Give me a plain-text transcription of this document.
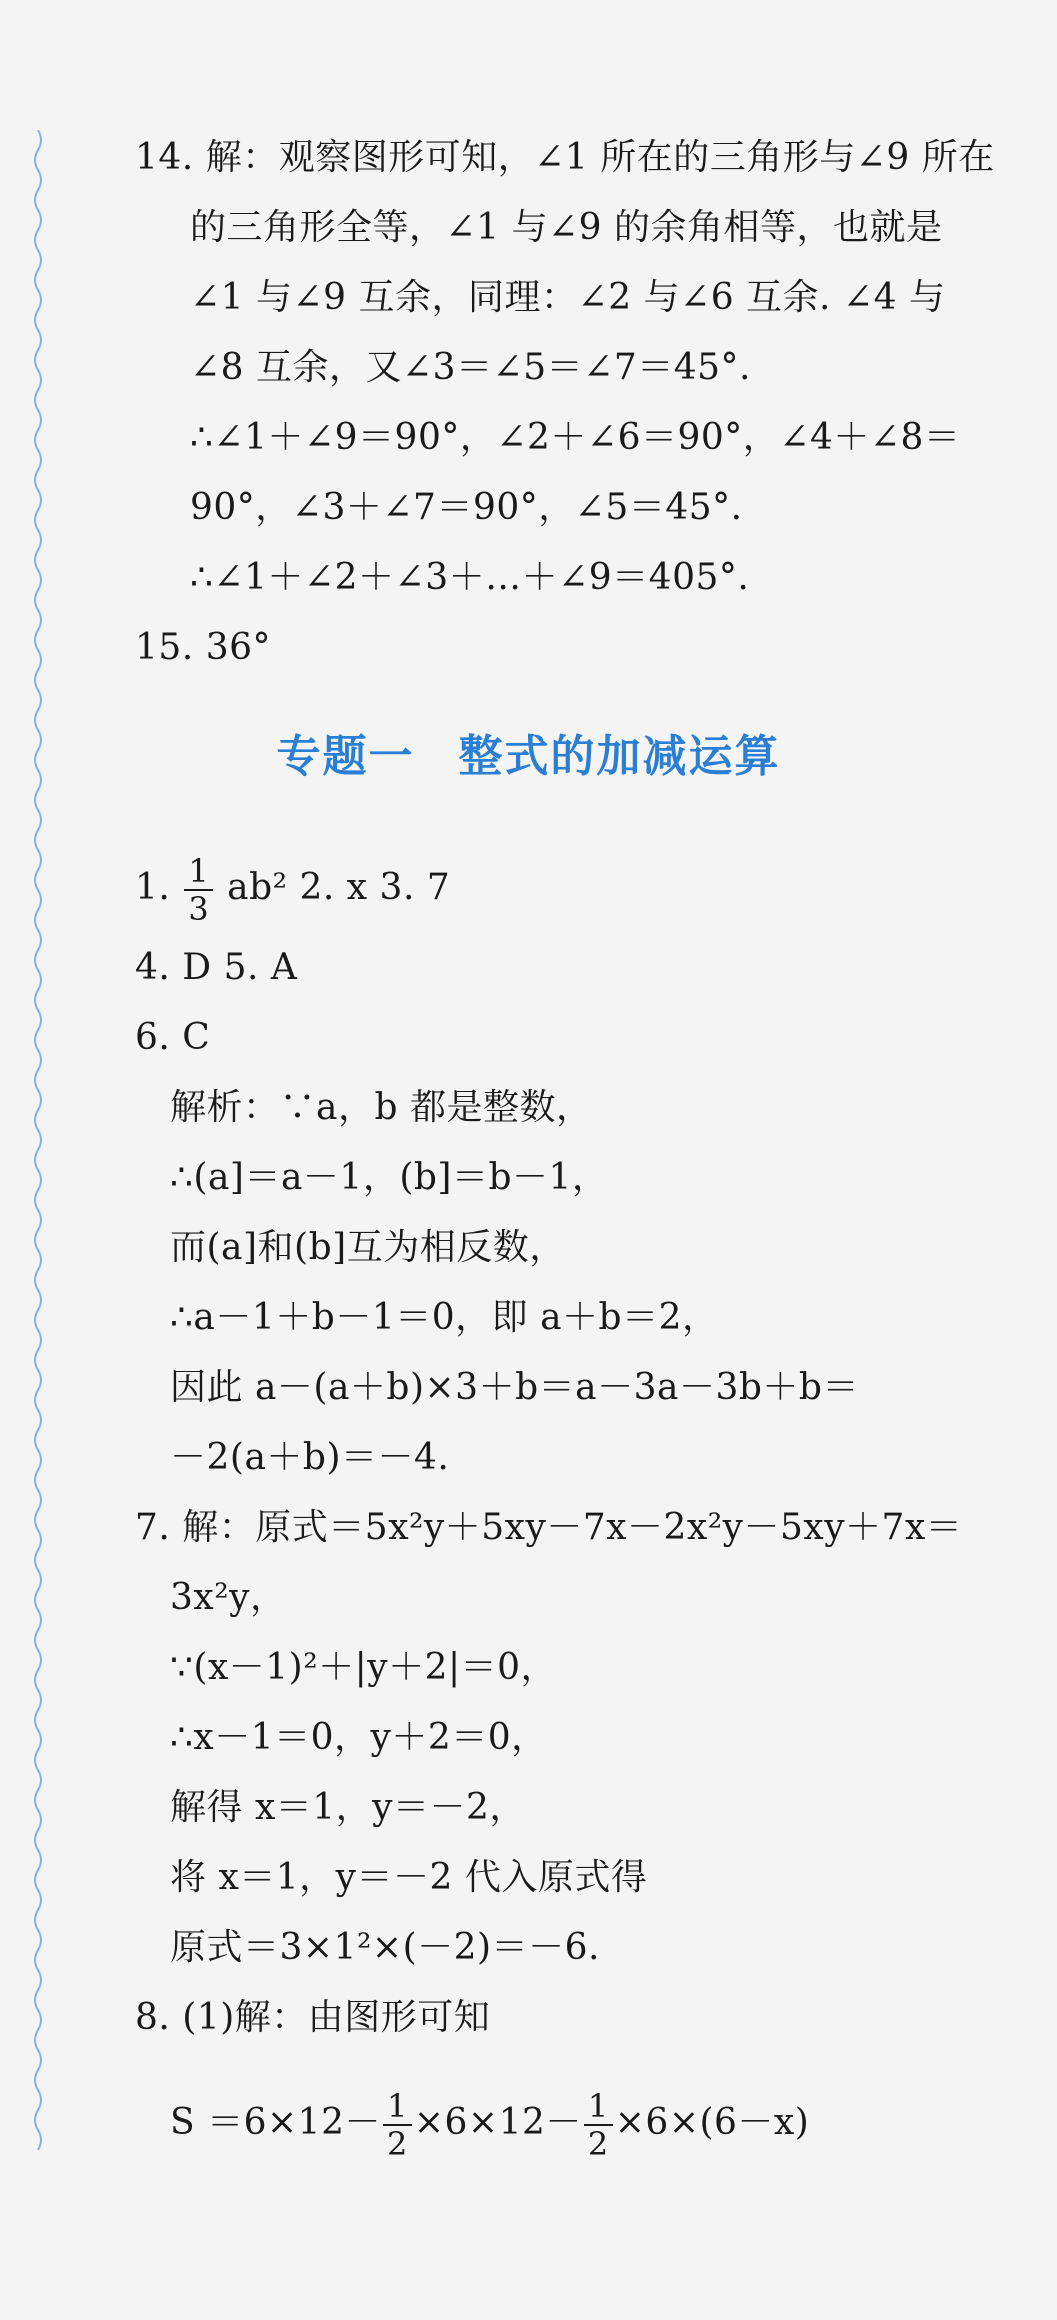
14. 解：观察图形可知，∠1 所在的三角形与∠9 所在
的三角形全等，∠1 与∠9 的余角相等，也就是
∠1 与∠9 互余，同理：∠2 与∠6 互余. ∠4 与
∠8 互余，又∠3＝∠5＝∠7＝45°.
∴∠1＋∠9＝90°，∠2＋∠6＝90°，∠4＋∠8＝
90°，∠3＋∠7＝90°，∠5＝45°.
∴∠1＋∠2＋∠3＋…＋∠9＝405°.
15. 36°
专题一 整式的加减运算
1. $\frac{1}{3} ab^2$ 2. x 3. 7
4. D 5. A
6. C
解析：∵a，b 都是整数，
∴(a]＝a－1，(b]＝b－1，
而(a]和(b]互为相反数，
∴a－1＋b－1＝0，即 a＋b＝2，
因此 a－(a＋b)×3＋b＝a－3a－3b＋b＝
－2(a＋b)＝－4.
7. 解：原式＝5x²y＋5xy－7x－2x²y－5xy＋7x＝
3x²y，
∵(x－1)²＋|y＋2|＝0，
∴x－1＝0，y＋2＝0，
解得 x＝1，y＝－2，
将 x＝1，y＝－2 代入原式得
原式＝3×1²×(－2)＝－6.
8. (1)解：由图形可知
$S =6\times 12- \frac{1}{2} \times 6\times 12- \frac{1}{2} \times 6\times(6-x)$
